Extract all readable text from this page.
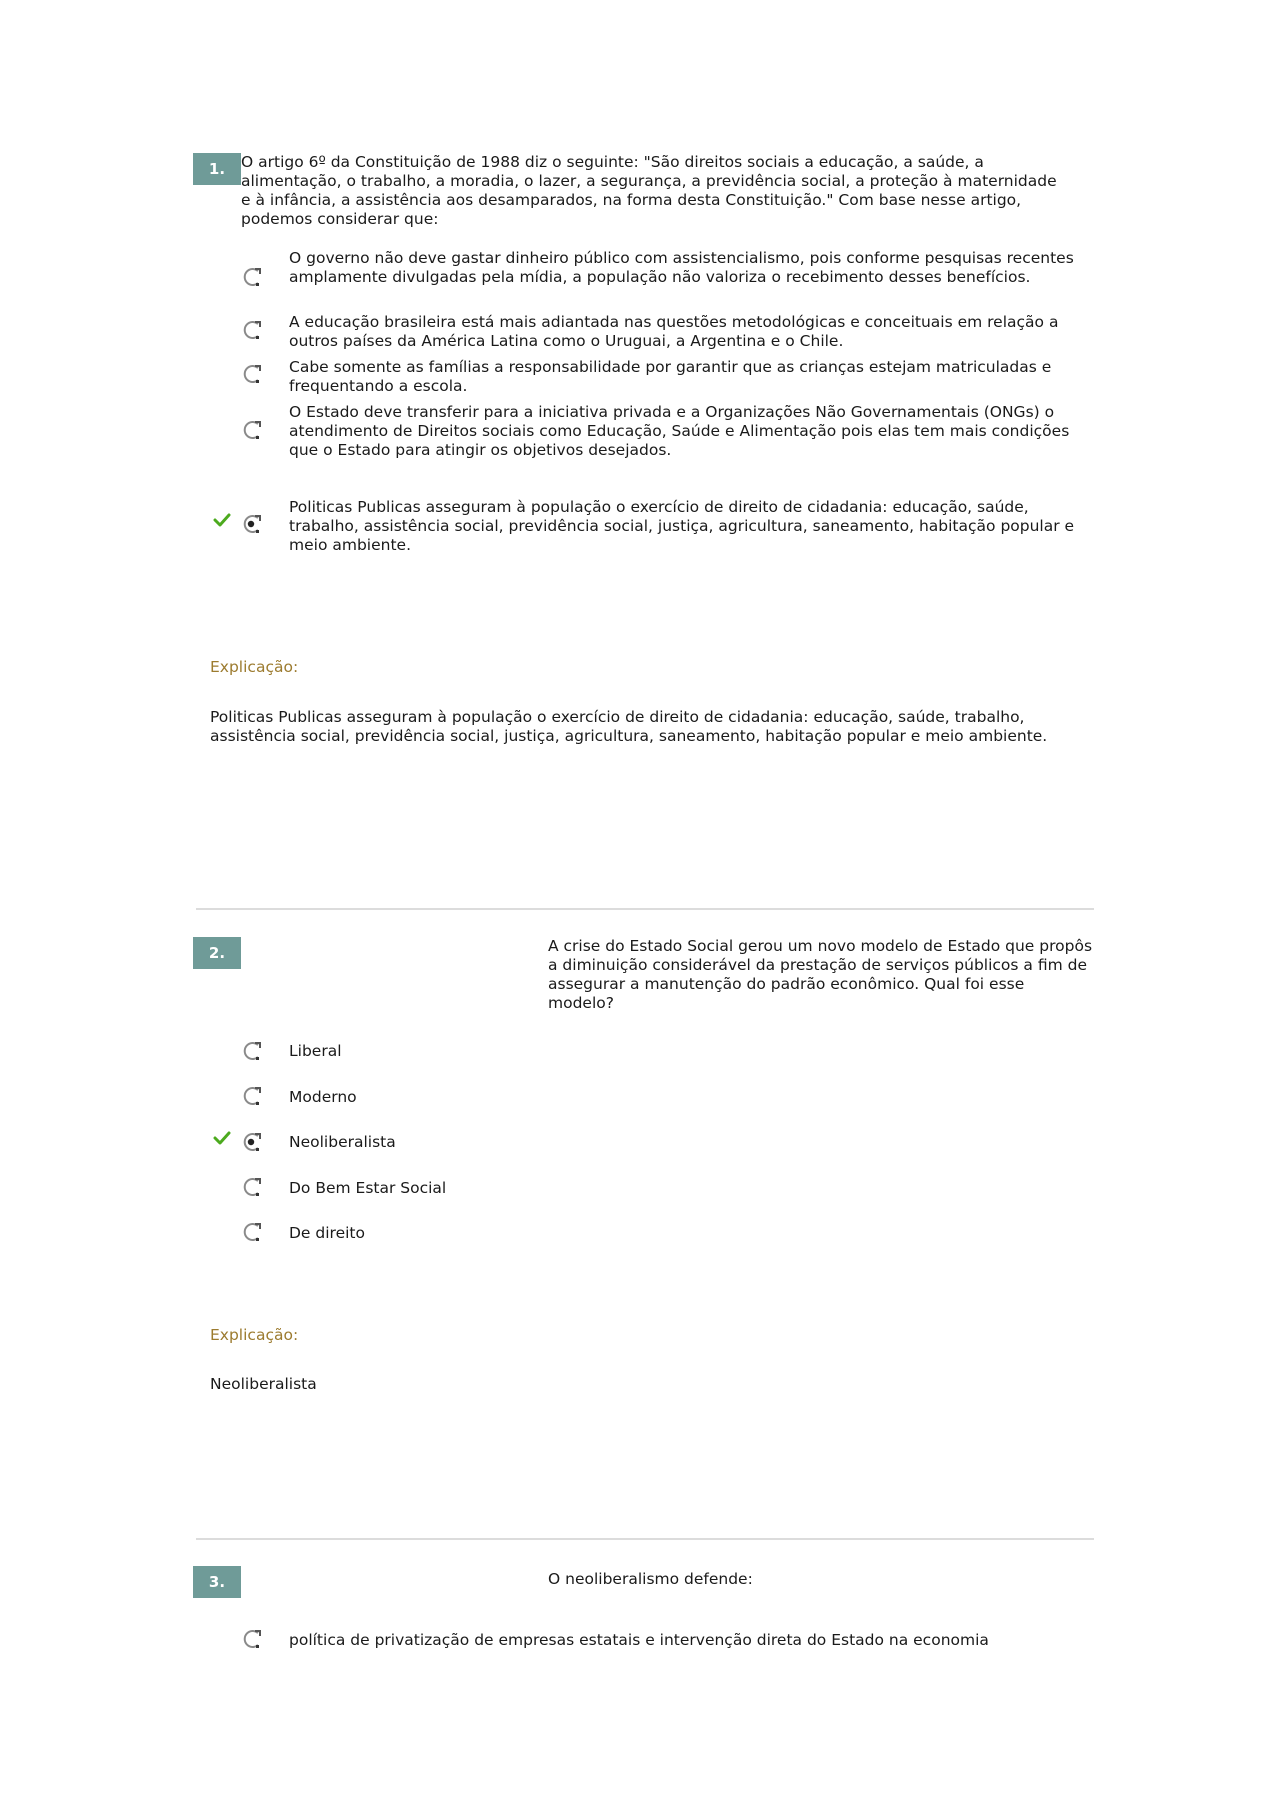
1.	O artigo 6º da Constituição de 1988 diz o seguinte: "São direitos sociais a educação, a saúde, a alimentação, o trabalho, a moradia, o lazer, a segurança, a previdência social, a proteção à maternidade e à infância, a assistência aos desamparados, na forma desta Constituição." Com base nesse artigo, podemos considerar que:
O governo não deve gastar dinheiro público com assistencialismo, pois conforme pesquisas recentes amplamente divulgadas pela mídia, a população não valoriza o recebimento desses benefícios.
A educação brasileira está mais adiantada nas questões metodológicas e conceituais em relação a outros países da América Latina como o Uruguai, a Argentina e o Chile.
Cabe somente as famílias a responsabilidade por garantir que as crianças estejam matriculadas e frequentando a escola.
O Estado deve transferir para a iniciativa privada e a Organizações Não Governamentais (ONGs) o atendimento de Direitos sociais como Educação, Saúde e Alimentação pois elas tem mais condições que o Estado para atingir os objetivos desejados.
Politicas Publicas asseguram à população o exercício de direito de cidadania: educação, saúde, trabalho, assistência social, previdência social, justiça, agricultura, saneamento, habitação popular e meio ambiente.
Explicação:
Politicas Publicas asseguram à população o exercício de direito de cidadania: educação, saúde, trabalho, assistência social, previdência social, justiça, agricultura, saneamento, habitação popular e meio ambiente.
2.	A crise do Estado Social gerou um novo modelo de Estado que propôs a diminuição considerável da prestação de serviços públicos a fim de assegurar a manutenção do padrão econômico. Qual foi esse modelo?
Liberal
Moderno
Neoliberalista
Do Bem Estar Social
De direito
Explicação:
Neoliberalista
3.	O neoliberalismo defende:
política de privatização de empresas estatais e intervenção direta do Estado na economia
